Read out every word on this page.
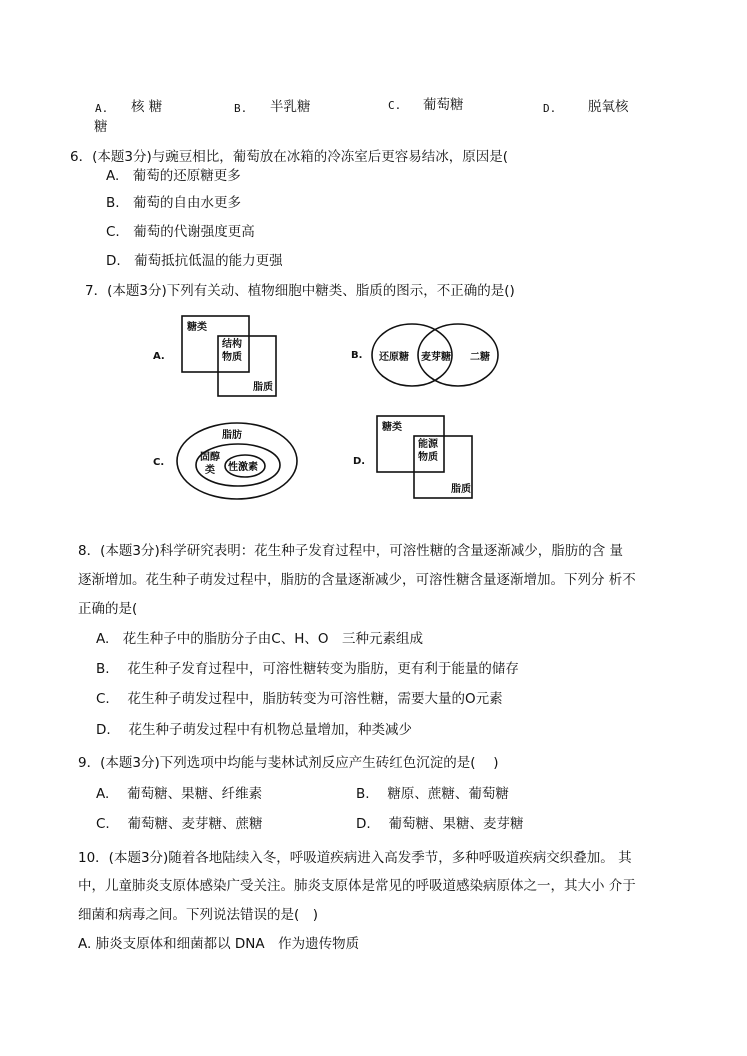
A. 核 糖	B. 半乳糖	C. 葡萄糖	D. 脱氧核
糖
6．(本题3分)与豌豆相比，葡萄放在冰箱的冷冻室后更容易结冰，原因是(
A.　葡萄的还原糖更多
B.　葡萄的自由水更多
C.　葡萄的代谢强度更高
D.　葡萄抵抗低温的能力更强
7．(本题3分)下列有关动、植物细胞中糖类、脂质的图示，不正确的是()
A.
糖类
结构
物质
脂质
B. 还原糖 麦芽糖 二糖
C.
脂肪
固醇
类 性激素
D.
糖类
能源
物质
脂质
8．(本题3分)科学研究表明：花生种子发育过程中，可溶性糖的含量逐渐减少，脂肪的含 量
逐渐增加。花生种子萌发过程中，脂肪的含量逐渐减少，可溶性糖含量逐渐增加。下列分 析不
正确的是(
A.　花生种子中的脂肪分子由C、H、O　三种元素组成
B.　 花生种子发育过程中，可溶性糖转变为脂肪，更有利于能量的储存
C.　 花生种子萌发过程中，脂肪转变为可溶性糖，需要大量的O元素
D.　 花生种子萌发过程中有机物总量增加，种类减少
9．(本题3分)下列选项中均能与斐林试剂反应产生砖红色沉淀的是(　 )
A.　 葡萄糖、果糖、纤维素	B.　 糖原、蔗糖、葡萄糖
C.　 葡萄糖、麦芽糖、蔗糖	D.　 葡萄糖、果糖、麦芽糖
10．(本题3分)随着各地陆续入冬，呼吸道疾病进入高发季节，多种呼吸道疾病交织叠加。 其
中，儿童肺炎支原体感染广受关注。肺炎支原体是常见的呼吸道感染病原体之一，其大小 介于
细菌和病毒之间。下列说法错误的是(　)
A. 肺炎支原体和细菌都以 DNA　作为遗传物质
